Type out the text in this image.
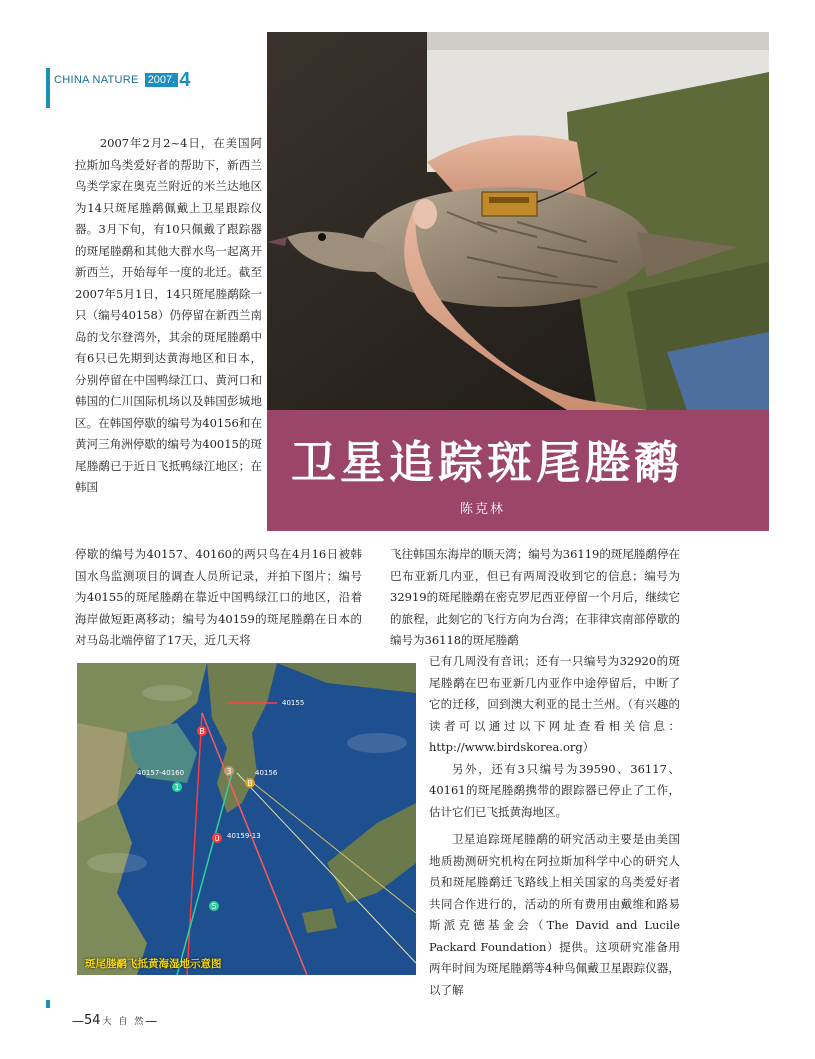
CHINA NATURE 2007. 4
卫星追踪斑尾塍鹬
陈克林
　　2007年2月2~4日，在美国阿拉斯加鸟类爱好者的帮助下，新西兰鸟类学家在奥克兰附近的米兰达地区为14只斑尾塍鹬佩戴上卫星跟踪仪器。3月下旬，有10只佩戴了跟踪器的斑尾塍鹬和其他大群水鸟一起离开新西兰，开始每年一度的北迁。截至2007年5月1日，14只斑尾塍鹬除一只（编号40158）仍停留在新西兰南岛的戈尔登湾外，其余的斑尾塍鹬中有6只已先期到达黄海地区和日本，分别停留在中国鸭绿江口、黄河口和韩国的仁川国际机场以及韩国彭城地区。在韩国停歇的编号为40156和在黄河三角洲停歇的编号为40015的斑尾塍鹬已于近日飞抵鸭绿江地区；在韩国
停歇的编号为40157、40160的两只鸟在4月16日被韩国水鸟监测项目的调查人员所记录，并拍下图片；编号为40155的斑尾塍鹬在靠近中国鸭绿江口的地区，沿着海岸做短距离移动；编号为40159的斑尾塍鹬在日本的对马岛北端停留了17天，近几天将
飞往韩国东海岸的顺天湾；编号为36119的斑尾塍鹬停在巴布亚新几内亚，但已有两周没收到它的信息；编号为32919的斑尾塍鹬在密克罗尼西亚停留一个月后，继续它的旅程，此刻它的飞行方向为台湾；在菲律宾南部停歇的编号为36118的斑尾塍鹬

已有几周没有音讯；还有一只编号为32920的斑尾塍鹬在巴布亚新几内亚作中途停留后，中断了它的迁移，回到澳大利亚的昆士兰州。（有兴趣的读者可以通过以下网址查看相关信息：http://www.birdskorea.org）

另外，还有3只编号为39590、36117、40161的斑尾塍鹬携带的跟踪器已停止了工作，估计它们已飞抵黄海地区。

卫星追踪斑尾塍鹬的研究活动主要是由美国地质勘测研究机构在阿拉斯加科学中心的研究人员和斑尾塍鹬迁飞路线上相关国家的鸟类爱好者共同合作进行的，活动的所有费用由戴维和路易斯派克德基金会（The David and Lucile Packard Foundation）提供。这项研究准备用两年时间为斑尾塍鹬等4种鸟佩戴卫星跟踪仪器，以了解

1
B
3
B
0
5
40157-40160
40155
40156
40159-13
斑尾塍鹬飞抵黄海湿地示意图
— 54 大 自 然 —
